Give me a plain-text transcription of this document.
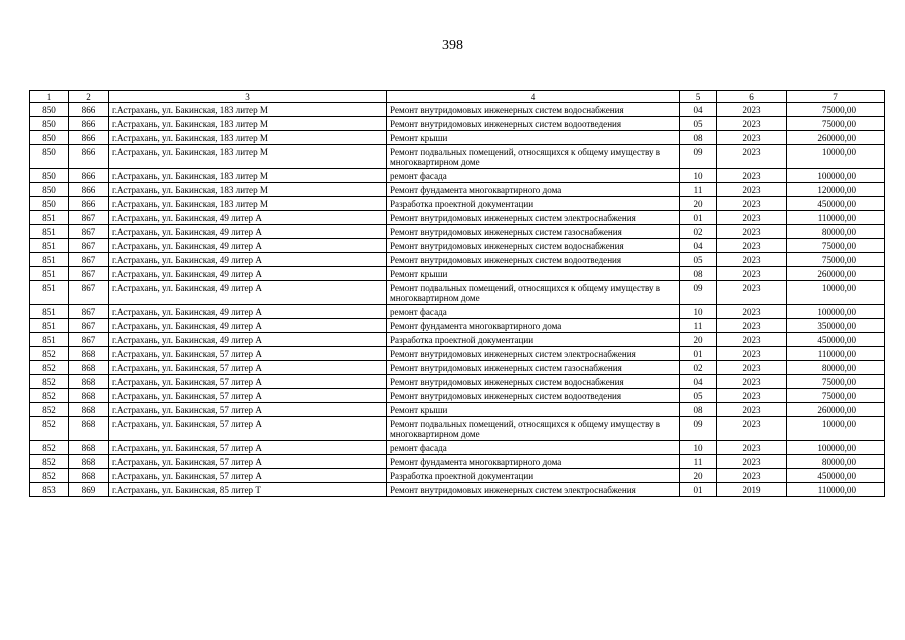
398
1	2	3	4	5	6	7
850	866	г.Астрахань, ул. Бакинская, 183 литер М	Ремонт внутридомовых инженерных систем водоснабжения	04	2023	75000,00
850	866	г.Астрахань, ул. Бакинская, 183 литер М	Ремонт внутридомовых инженерных систем водоотведения	05	2023	75000,00
850	866	г.Астрахань, ул. Бакинская, 183 литер М	Ремонт крыши	08	2023	260000,00
850	866	г.Астрахань, ул. Бакинская, 183 литер М	Ремонт подвальных помещений, относящихся к общему имуществу в многоквартирном доме	09	2023	10000,00
850	866	г.Астрахань, ул. Бакинская, 183 литер М	ремонт фасада	10	2023	100000,00
850	866	г.Астрахань, ул. Бакинская, 183 литер М	Ремонт фундамента многоквартирного дома	11	2023	120000,00
850	866	г.Астрахань, ул. Бакинская, 183 литер М	Разработка проектной документации	20	2023	450000,00
851	867	г.Астрахань, ул. Бакинская, 49 литер А	Ремонт внутридомовых инженерных систем электроснабжения	01	2023	110000,00
851	867	г.Астрахань, ул. Бакинская, 49 литер А	Ремонт внутридомовых инженерных систем газоснабжения	02	2023	80000,00
851	867	г.Астрахань, ул. Бакинская, 49 литер А	Ремонт внутридомовых инженерных систем водоснабжения	04	2023	75000,00
851	867	г.Астрахань, ул. Бакинская, 49 литер А	Ремонт внутридомовых инженерных систем водоотведения	05	2023	75000,00
851	867	г.Астрахань, ул. Бакинская, 49 литер А	Ремонт крыши	08	2023	260000,00
851	867	г.Астрахань, ул. Бакинская, 49 литер А	Ремонт подвальных помещений, относящихся к общему имуществу в многоквартирном доме	09	2023	10000,00
851	867	г.Астрахань, ул. Бакинская, 49 литер А	ремонт фасада	10	2023	100000,00
851	867	г.Астрахань, ул. Бакинская, 49 литер А	Ремонт фундамента многоквартирного дома	11	2023	350000,00
851	867	г.Астрахань, ул. Бакинская, 49 литер А	Разработка проектной документации	20	2023	450000,00
852	868	г.Астрахань, ул. Бакинская, 57 литер А	Ремонт внутридомовых инженерных систем электроснабжения	01	2023	110000,00
852	868	г.Астрахань, ул. Бакинская, 57 литер А	Ремонт внутридомовых инженерных систем газоснабжения	02	2023	80000,00
852	868	г.Астрахань, ул. Бакинская, 57 литер А	Ремонт внутридомовых инженерных систем водоснабжения	04	2023	75000,00
852	868	г.Астрахань, ул. Бакинская, 57 литер А	Ремонт внутридомовых инженерных систем водоотведения	05	2023	75000,00
852	868	г.Астрахань, ул. Бакинская, 57 литер А	Ремонт крыши	08	2023	260000,00
852	868	г.Астрахань, ул. Бакинская, 57 литер А	Ремонт подвальных помещений, относящихся к общему имуществу в многоквартирном доме	09	2023	10000,00
852	868	г.Астрахань, ул. Бакинская, 57 литер А	ремонт фасада	10	2023	100000,00
852	868	г.Астрахань, ул. Бакинская, 57 литер А	Ремонт фундамента многоквартирного дома	11	2023	80000,00
852	868	г.Астрахань, ул. Бакинская, 57 литер А	Разработка проектной документации	20	2023	450000,00
853	869	г.Астрахань, ул. Бакинская, 85 литер Т	Ремонт внутридомовых инженерных систем электроснабжения	01	2019	110000,00
